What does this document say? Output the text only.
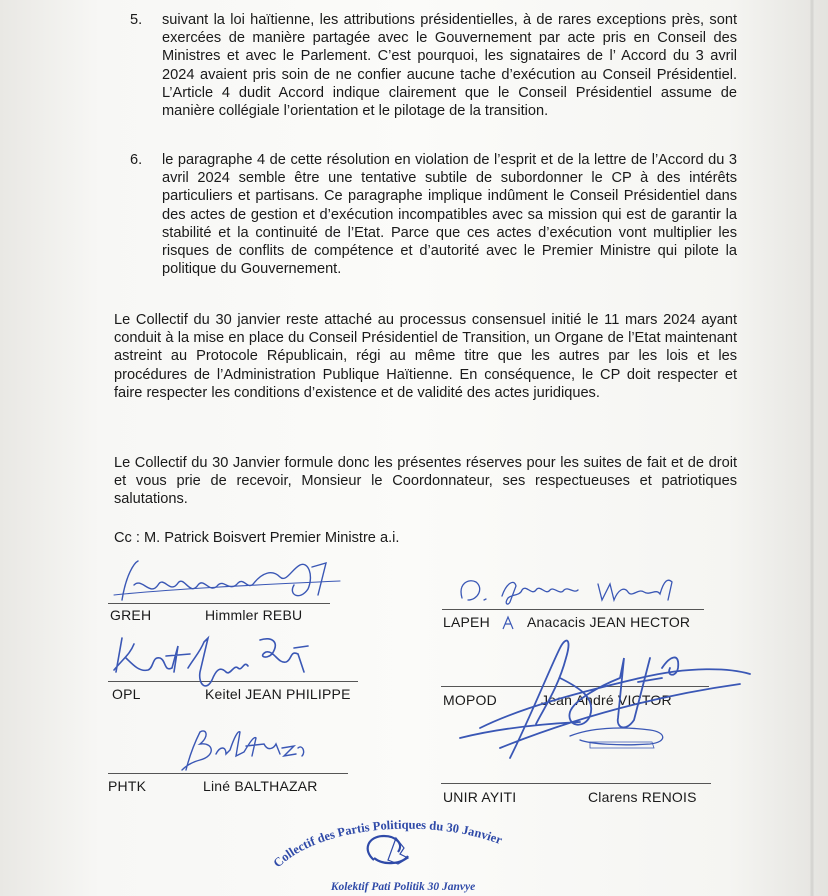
5. suivant la loi haïtienne, les attributions présidentielles, à de rares exceptions près, sont exercées de manière partagée avec le Gouvernement par acte pris en Conseil des Ministres et avec le Parlement. C’est pourquoi, les signataires de l’ Accord du 3 avril 2024 avaient pris soin de ne confier aucune tache d’exécution au Conseil Présidentiel. L’Article 4 dudit Accord indique clairement que le Conseil Présidentiel assume de manière collégiale l’orientation et le pilotage de la transition.
6. le paragraphe 4 de cette résolution en violation de l’esprit et de la lettre de l’Accord du 3 avril 2024 semble être une tentative subtile de subordonner le CP à des intérêts particuliers et partisans. Ce paragraphe implique indûment le Conseil Présidentiel dans des actes de gestion et d’exécution incompatibles avec sa mission qui est de garantir la stabilité et la continuité de l’Etat. Parce que ces actes d’exécution vont multiplier les risques de conflits de compétence et d’autorité avec le Premier Ministre qui pilote la politique du Gouvernement.
Le Collectif du 30 janvier reste attaché au processus consensuel initié le 11 mars 2024 ayant conduit à la mise en place du Conseil Présidentiel de Transition, un Organe de l’Etat maintenant astreint au Protocole Républicain, régi au même titre que les autres par les lois et les procédures de l’Administration Publique Haïtienne. En conséquence, le CP doit respecter et faire respecter les conditions d’existence et de validité des actes juridiques.
Le Collectif du 30 Janvier formule donc les présentes réserves pour les suites de fait et de droit et vous prie de recevoir, Monsieur le Coordonnateur, ses respectueuses et patriotiques salutations.
Cc : M. Patrick Boisvert Premier Ministre a.i.
GREH	Himmler REBU
OPL	Keitel JEAN PHILIPPE
PHTK	Liné BALTHAZAR
LAPEH	Anacacis JEAN HECTOR
MOPOD	Jean André VICTOR
UNIR AYITI	Clarens RENOIS
Collectif des Partis Politiques du 30 Janvier
Kolektif Pati Politik 30 Janvye
